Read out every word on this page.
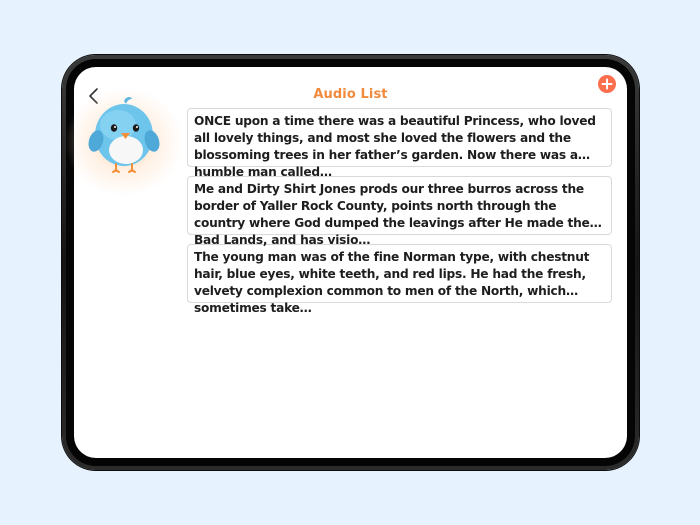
Audio List
ONCE upon a time there was a beautiful Princess, who loved all lovely things, and most she loved the flowers and the blossoming trees in her father’s garden. Now there was a humble man called…
Me and Dirty Shirt Jones prods our three burros across the border of Yaller Rock County, points north through the country where God dumped the leavings after He made the Bad Lands, and has visio…
The young man was of the fine Norman type, with chestnut hair, blue eyes, white teeth, and red lips. He had the fresh, velvety complexion common to men of the North, which sometimes take…
